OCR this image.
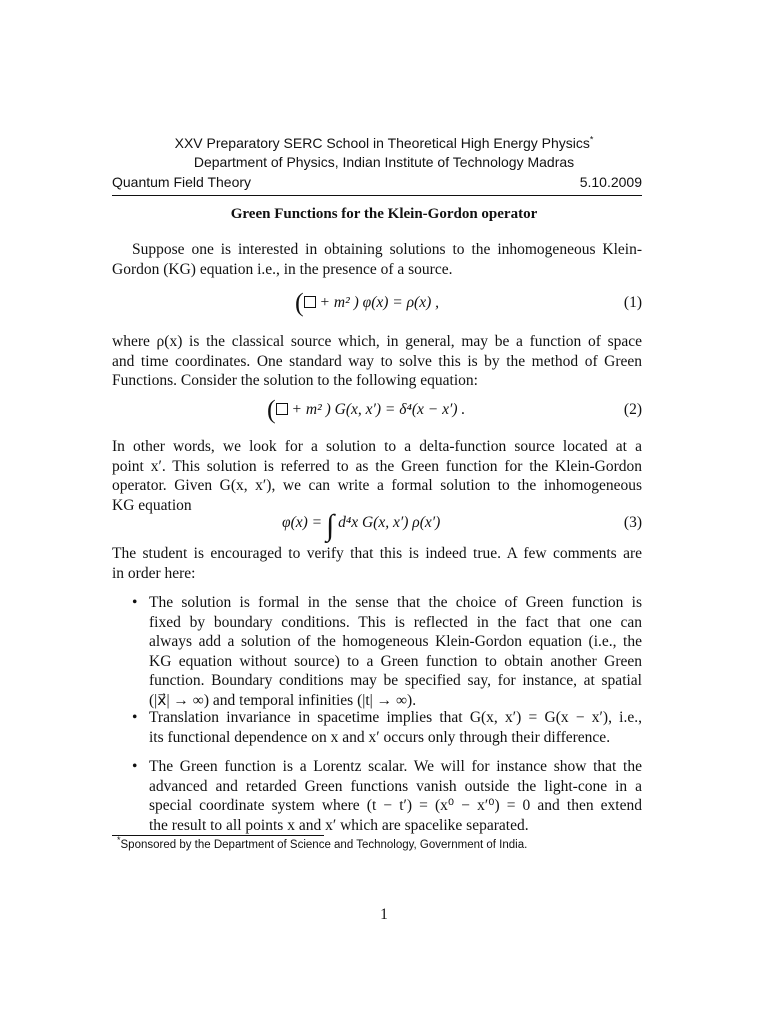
XXV Preparatory SERC School in Theoretical High Energy Physics*
Department of Physics, Indian Institute of Technology Madras
Quantum Field Theory	5.10.2009
Green Functions for the Klein-Gordon operator
Suppose one is interested in obtaining solutions to the inhomogeneous Klein-
Gordon (KG) equation i.e., in the presence of a source.
( + m² ) φ(x) = ρ(x) ,	(1)
where ρ(x) is the classical source which, in general, may be a function of space
and time coordinates. One standard way to solve this is by the method of Green
Functions. Consider the solution to the following equation:
( + m² ) G(x, x′) = δ⁴(x − x′) .	(2)
In other words, we look for a solution to a delta-function source located at a
point x′. This solution is referred to as the Green function for the Klein-Gordon
operator. Given G(x, x′), we can write a formal solution to the inhomogeneous
KG equation
φ(x) = ∫ d⁴x G(x, x′) ρ(x′)	(3)
The student is encouraged to verify that this is indeed true. A few comments are
in order here:
• The solution is formal in the sense that the choice of Green function is
fixed by boundary conditions. This is reflected in the fact that one can
always add a solution of the homogeneous Klein-Gordon equation (i.e., the
KG equation without source) to a Green function to obtain another Green
function. Boundary conditions may be specified say, for instance, at spatial
(|x⃗| → ∞) and temporal infinities (|t| → ∞).
• Translation invariance in spacetime implies that G(x, x′) = G(x − x′), i.e.,
its functional dependence on x and x′ occurs only through their difference.
• The Green function is a Lorentz scalar. We will for instance show that the
advanced and retarded Green functions vanish outside the light-cone in a
special coordinate system where (t − t′) = (x⁰ − x′⁰) = 0 and then extend
the result to all points x and x′ which are spacelike separated.
*Sponsored by the Department of Science and Technology, Government of India.
1
